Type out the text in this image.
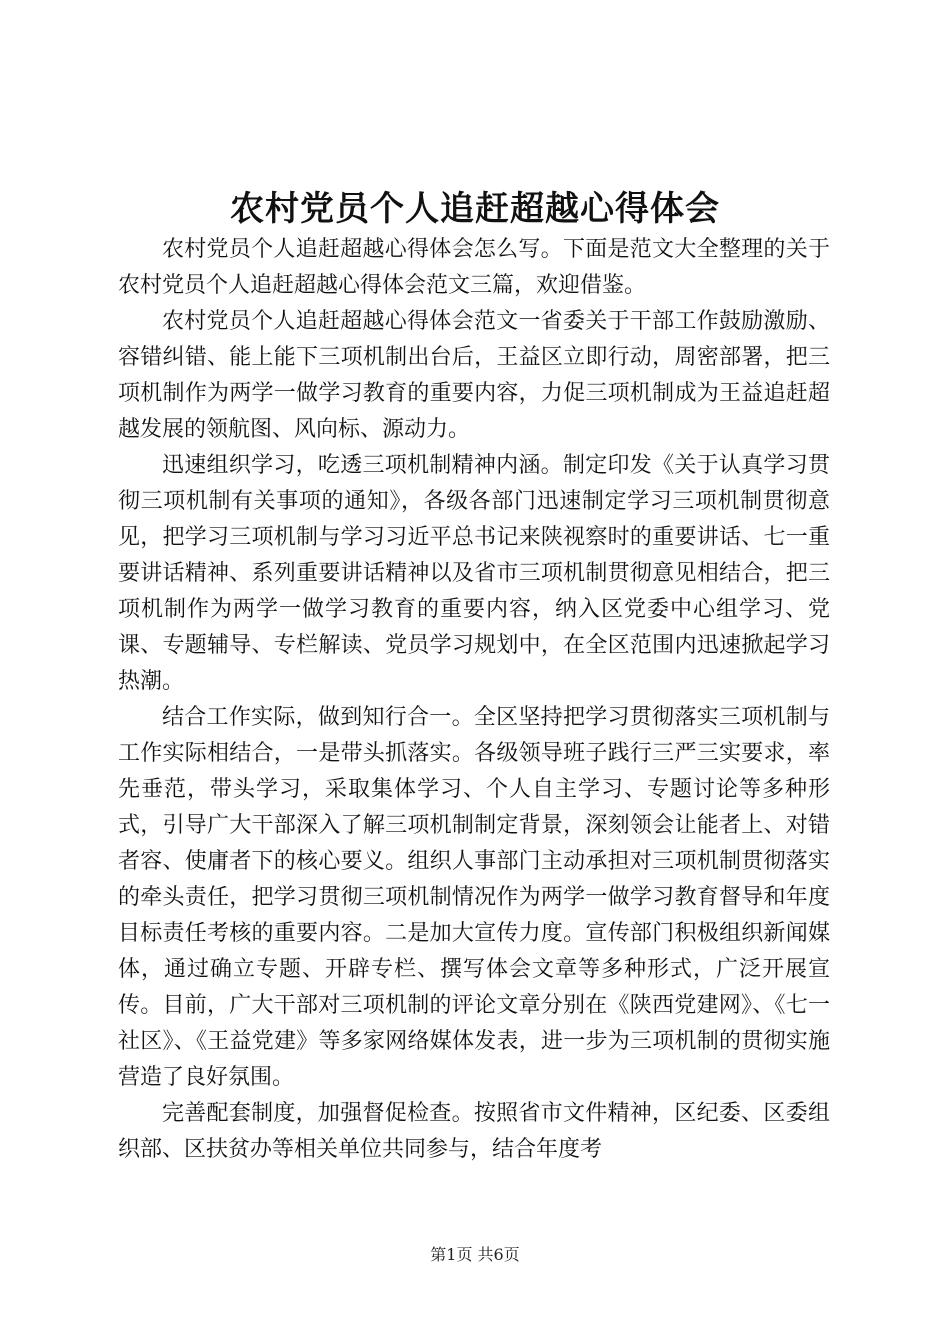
农村党员个人追赶超越心得体会

农村党员个人追赶超越心得体会怎么写。下面是范文大全整理的关于农村党员个人追赶超越心得体会范文三篇，欢迎借鉴。

农村党员个人追赶超越心得体会范文一省委关于干部工作鼓励激励、容错纠错、能上能下三项机制出台后，王益区立即行动，周密部署，把三项机制作为两学一做学习教育的重要内容，力促三项机制成为王益追赶超越发展的领航图、风向标、源动力。

迅速组织学习，吃透三项机制精神内涵。制定印发《关于认真学习贯彻三项机制有关事项的通知》，各级各部门迅速制定学习三项机制贯彻意见，把学习三项机制与学习习近平总书记来陕视察时的重要讲话、七一重要讲话精神、系列重要讲话精神以及省市三项机制贯彻意见相结合，把三项机制作为两学一做学习教育的重要内容，纳入区党委中心组学习、党课、专题辅导、专栏解读、党员学习规划中，在全区范围内迅速掀起学习热潮。

结合工作实际，做到知行合一。全区坚持把学习贯彻落实三项机制与工作实际相结合，一是带头抓落实。各级领导班子践行三严三实要求，率先垂范，带头学习，采取集体学习、个人自主学习、专题讨论等多种形式，引导广大干部深入了解三项机制制定背景，深刻领会让能者上、对错者容、使庸者下的核心要义。组织人事部门主动承担对三项机制贯彻落实的牵头责任，把学习贯彻三项机制情况作为两学一做学习教育督导和年度目标责任考核的重要内容。二是加大宣传力度。宣传部门积极组织新闻媒体，通过确立专题、开辟专栏、撰写体会文章等多种形式，广泛开展宣传。目前，广大干部对三项机制的评论文章分别在《陕西党建网》、《七一社区》、《王益党建》等多家网络媒体发表，进一步为三项机制的贯彻实施营造了良好氛围。

完善配套制度，加强督促检查。按照省市文件精神，区纪委、区委组织部、区扶贫办等相关单位共同参与，结合年度考

第1页 共6页
